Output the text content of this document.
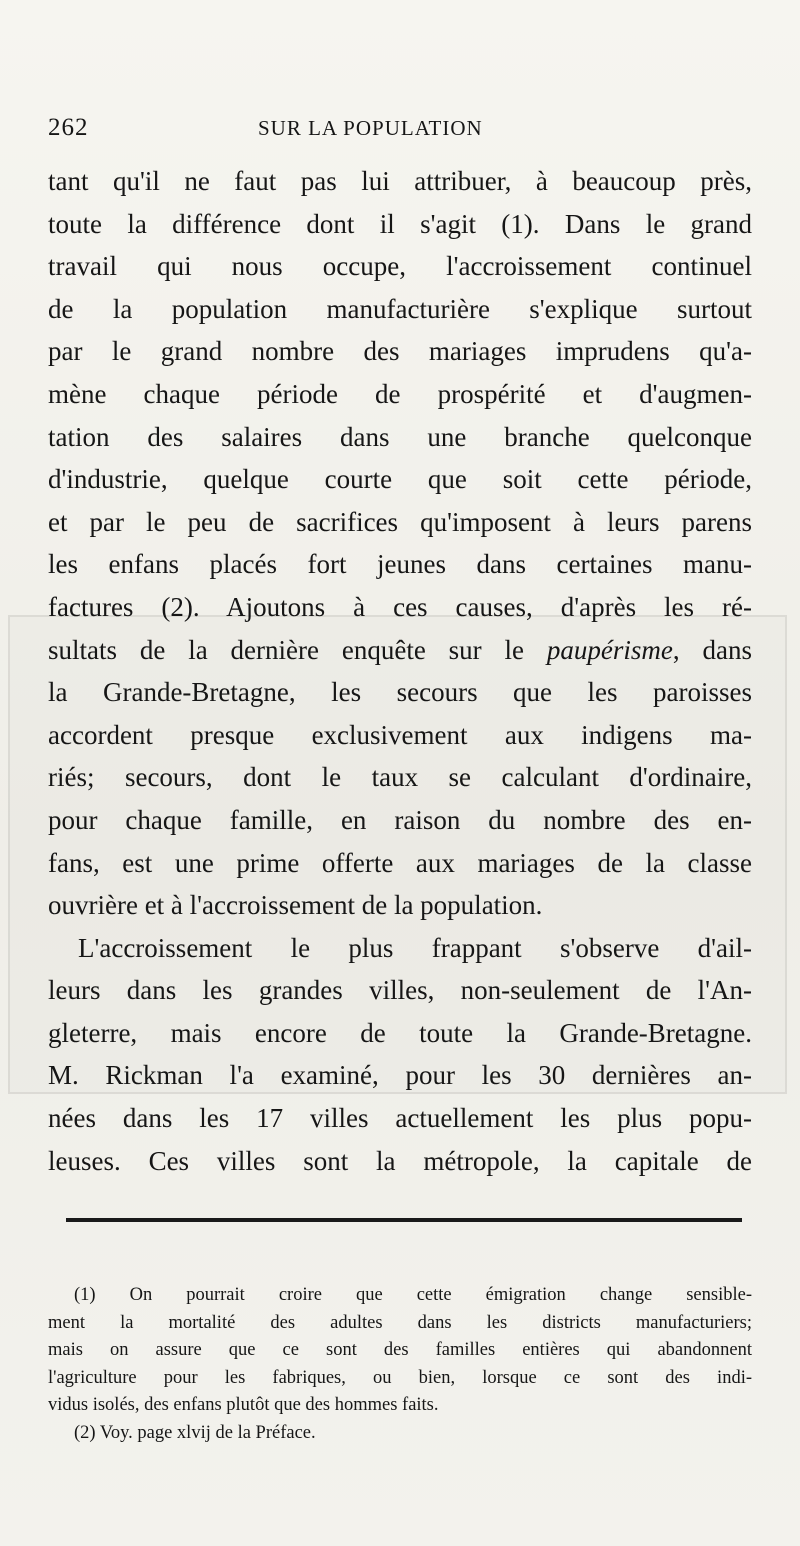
262	SUR LA POPULATION
tant qu'il ne faut pas lui attribuer, à beaucoup près,
toute la différence dont il s'agit (1). Dans le grand
travail qui nous occupe, l'accroissement continuel
de la population manufacturière s'explique surtout
par le grand nombre des mariages imprudens qu'a-
mène chaque période de prospérité et d'augmen-
tation des salaires dans une branche quelconque
d'industrie, quelque courte que soit cette période,
et par le peu de sacrifices qu'imposent à leurs parens
les enfans placés fort jeunes dans certaines manu-
factures (2). Ajoutons à ces causes, d'après les ré-
sultats de la dernière enquête sur le paupérisme, dans
la Grande-Bretagne, les secours que les paroisses
accordent presque exclusivement aux indigens ma-
riés; secours, dont le taux se calculant d'ordinaire,
pour chaque famille, en raison du nombre des en-
fans, est une prime offerte aux mariages de la classe
ouvrière et à l'accroissement de la population.
L'accroissement le plus frappant s'observe d'ail-
leurs dans les grandes villes, non-seulement de l'An-
gleterre, mais encore de toute la Grande-Bretagne.
M. Rickman l'a examiné, pour les 30 dernières an-
nées dans les 17 villes actuellement les plus popu-
leuses. Ces villes sont la métropole, la capitale de
(1) On pourrait croire que cette émigration change sensible-
ment la mortalité des adultes dans les districts manufacturiers;
mais on assure que ce sont des familles entières qui abandonnent
l'agriculture pour les fabriques, ou bien, lorsque ce sont des indi-
vidus isolés, des enfans plutôt que des hommes faits.
(2) Voy. page xlvij de la Préface.
